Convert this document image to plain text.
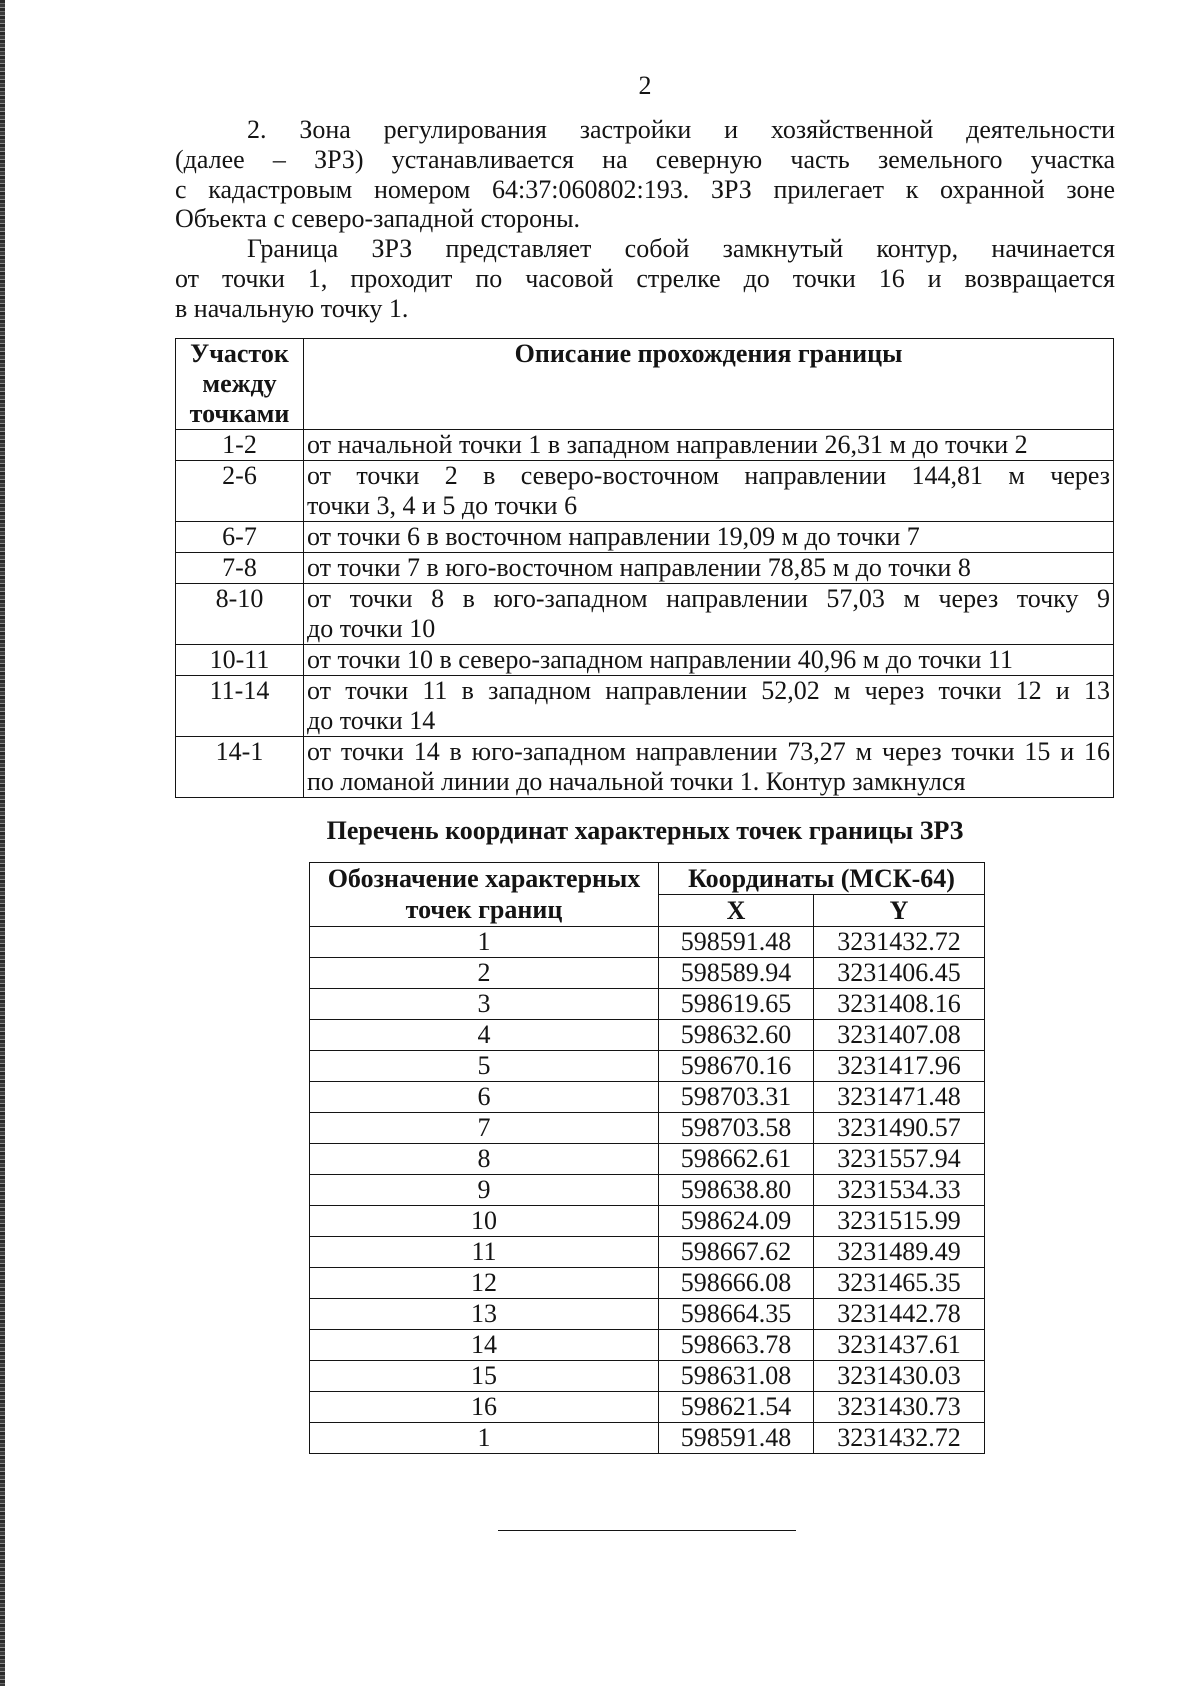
2
2. Зона регулирования застройки и хозяйственной деятельности
(далее – ЗРЗ) устанавливается на северную часть земельного участка
с кадастровым номером 64:37:060802:193. ЗРЗ прилегает к охранной зоне
Объекта с северо-западной стороны.
Граница ЗРЗ представляет собой замкнутый контур, начинается
от точки 1, проходит по часовой стрелке до точки 16 и возвращается
в начальную точку 1.
Участок между точками	Описание прохождения границы
1-2	от начальной точки 1 в западном направлении 26,31 м до точки 2

2-6	от точки 2 в северо-восточном направлении 144,81 м через
точки 3, 4 и 5 до точки 6

6-7	от точки 6 в восточном направлении 19,09 м до точки 7

7-8	от точки 7 в юго-восточном направлении 78,85 м до точки 8

8-10	от точки 8 в юго-западном направлении 57,03 м через точку 9
до точки 10

10-11	от точки 10 в северо-западном направлении 40,96 м до точки 11

11-14	от точки 11 в западном направлении 52,02 м через точки 12 и 13
до точки 14

14-1	от точки 14 в юго-западном направлении 73,27 м через точки 15 и 16
по ломаной линии до начальной точки 1. Контур замкнулся
Перечень координат характерных точек границы ЗРЗ
Обозначение характерных точек границ	Координаты (МСК-64)	
	X	Y
1	598591.48	3231432.72
2	598589.94	3231406.45
3	598619.65	3231408.16
4	598632.60	3231407.08
5	598670.16	3231417.96
6	598703.31	3231471.48
7	598703.58	3231490.57
8	598662.61	3231557.94
9	598638.80	3231534.33
10	598624.09	3231515.99
11	598667.62	3231489.49
12	598666.08	3231465.35
13	598664.35	3231442.78
14	598663.78	3231437.61
15	598631.08	3231430.03
16	598621.54	3231430.73
1	598591.48	3231432.72
